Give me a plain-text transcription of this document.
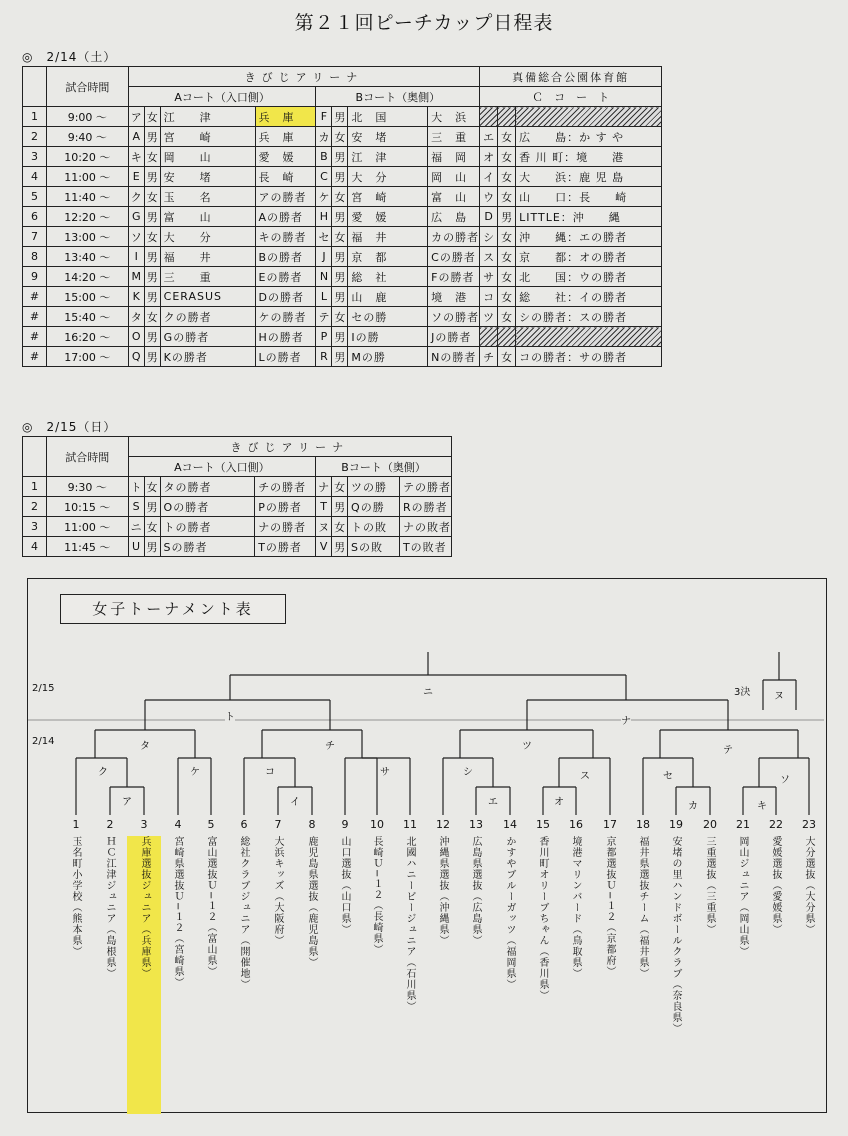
第２１回ピーチカップ日程表
◎　2/14（土）
	試合時間	きびじアリーナ								真備総合公園体育館		
		Aコート（入口側）				Bコート（奥側）				Ｃ　コ　ー　ト		
1	9:00 ～	ア	女	江　　津	兵　庫	F	男	北　国	大　浜			
2	9:40 ～	A	男	宮　　崎	兵　庫	カ	女	安　堵	三　重	エ	女	広　　島：か す や
3	10:20 ～	キ	女	岡　　山	愛　媛	B	男	江　津	福　岡	オ	女	香 川 町：境　　港
4	11:00 ～	E	男	安　　堵	長　崎	C	男	大　分	岡　山	イ	女	大　　浜：鹿 児 島
5	11:40 ～	ク	女	玉　　名	アの勝者	ケ	女	宮　崎	富　山	ウ	女	山　　口：長　　崎
6	12:20 ～	G	男	富　　山	Aの勝者	H	男	愛　媛	広　島	D	男	LITTLE：沖　　縄
7	13:00 ～	ソ	女	大　　分	キの勝者	セ	女	福　井	カの勝者	シ	女	沖　　縄：エの勝者
8	13:40 ～	I	男	福　　井	Bの勝者	J	男	京　都	Cの勝者	ス	女	京　　都：オの勝者
9	14:20 ～	M	男	三　　重	Eの勝者	N	男	総　社	Fの勝者	サ	女	北　　国：ウの勝者
#	15:00 ～	K	男	CERASUS	Dの勝者	L	男	山　鹿	境　港	コ	女	総　　社：イの勝者
#	15:40 ～	タ	女	クの勝者	ケの勝者	テ	女	セの勝	ソの勝者	ツ	女	シの勝者：スの勝者
#	16:20 ～	O	男	Gの勝者	Hの勝者	P	男	Iの勝	Jの勝者			
#	17:00 ～	Q	男	Kの勝者	Lの勝者	R	男	Mの勝	Nの勝者	チ	女	コの勝者：サの勝者
◎　2/15（日）
	試合時間	きびじアリーナ							
		Aコート（入口側）				Bコート（奥側）			
1	9:30 ～	ト	女	タの勝者	チの勝者	ナ	女	ツの勝	テの勝者
2	10:15 ～	S	男	Oの勝者	Pの勝者	T	男	Qの勝	Rの勝者
3	11:00 ～	ニ	女	トの勝者	ナの勝者	ヌ	女	トの敗	ナの敗者
4	11:45 ～	U	男	Sの勝者	Tの勝者	V	男	Sの敗	Tの敗者
女子トーナメント表
2/15
2/14
3決
ニ	ヌ
ト	ナ
タ	チ	ツ	テ
ク	ケ	コ	サ	シ	ス	セ	ソ
ア	イ	エ	オ	カ	キ
1
玉名町小学校（熊本県）
2
ＨＣ江津ジュニア（島根県）
3
兵庫選抜ジュニア（兵庫県）
4
宮崎県選抜Ｕ−１２（宮崎県）
5
富山選抜Ｕ−１２（富山県）
6
総社クラブジュニア（開催地）
7
大浜キッズ（大阪府）
8
鹿児島県選抜（鹿児島県）
9
山口選抜（山口県）
10
長崎Ｕ−１２（長崎県）
11
北國ハニービージュニア（石川県）
12
沖縄県選抜（沖縄県）
13
広島県選抜（広島県）
14
かすやブルーガッツ（福岡県）
15
香川町オリーブちゃん（香川県）
16
境港マリンバード（鳥取県）
17
京都選抜Ｕ−１２（京都府）
18
福井県選抜チーム（福井県）
19
安堵の里ハンドボールクラブ（奈良県）
20
三重選抜（三重県）
21
岡山ジュニア（岡山県）
22
愛媛選抜（愛媛県）
23
大分選抜（大分県）
